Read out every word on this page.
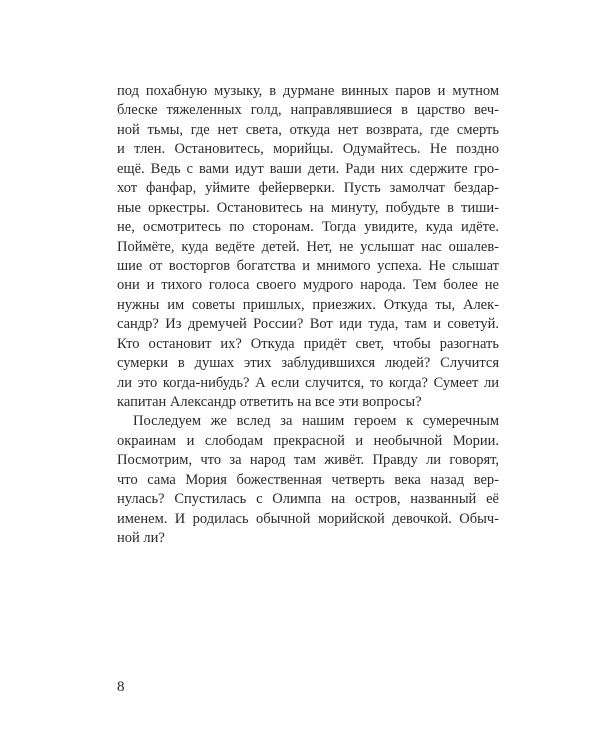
под похабную музыку, в дурмане винных паров и мутном
блеске тяжеленных голд, направлявшиеся в царство веч-
ной тьмы, где нет света, откуда нет возврата, где смерть
и тлен. Остановитесь, морийцы. Одумайтесь. Не поздно
ещё. Ведь с вами идут ваши дети. Ради них сдержите гро-
хот фанфар, уймите фейерверки. Пусть замолчат бездар-
ные оркестры. Остановитесь на минуту, побудьте в тиши-
не, осмотритесь по сторонам. Тогда увидите, куда идёте.
Поймёте, куда ведёте детей. Нет, не услышат нас ошалев-
шие от восторгов богатства и мнимого успеха. Не слышат
они и тихого голоса своего мудрого народа. Тем более не
нужны им советы пришлых, приезжих. Откуда ты, Алек-
сандр? Из дремучей России? Вот иди туда, там и советуй.
Кто остановит их? Откуда придёт свет, чтобы разогнать
сумерки в душах этих заблудившихся людей? Случится
ли это когда-нибудь? А если случится, то когда? Сумеет ли
капитан Александр ответить на все эти вопросы?
Последуем же вслед за нашим героем к сумеречным
окраинам и слободам прекрасной и необычной Мории.
Посмотрим, что за народ там живёт. Правду ли говорят,
что сама Мория божественная четверть века назад вер-
нулась? Спустилась с Олимпа на остров, названный её
именем. И родилась обычной морийской девочкой. Обыч-
ной ли?
8
